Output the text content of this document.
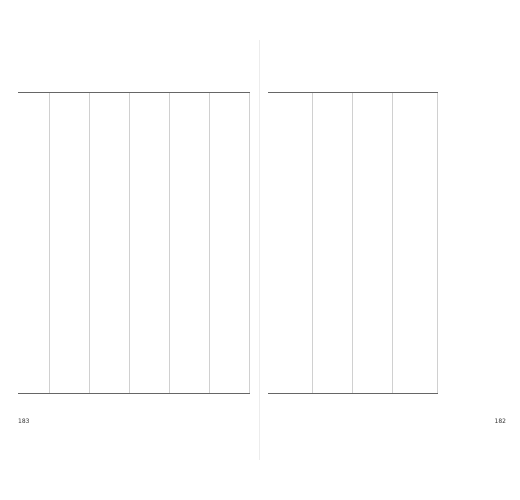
183	182
